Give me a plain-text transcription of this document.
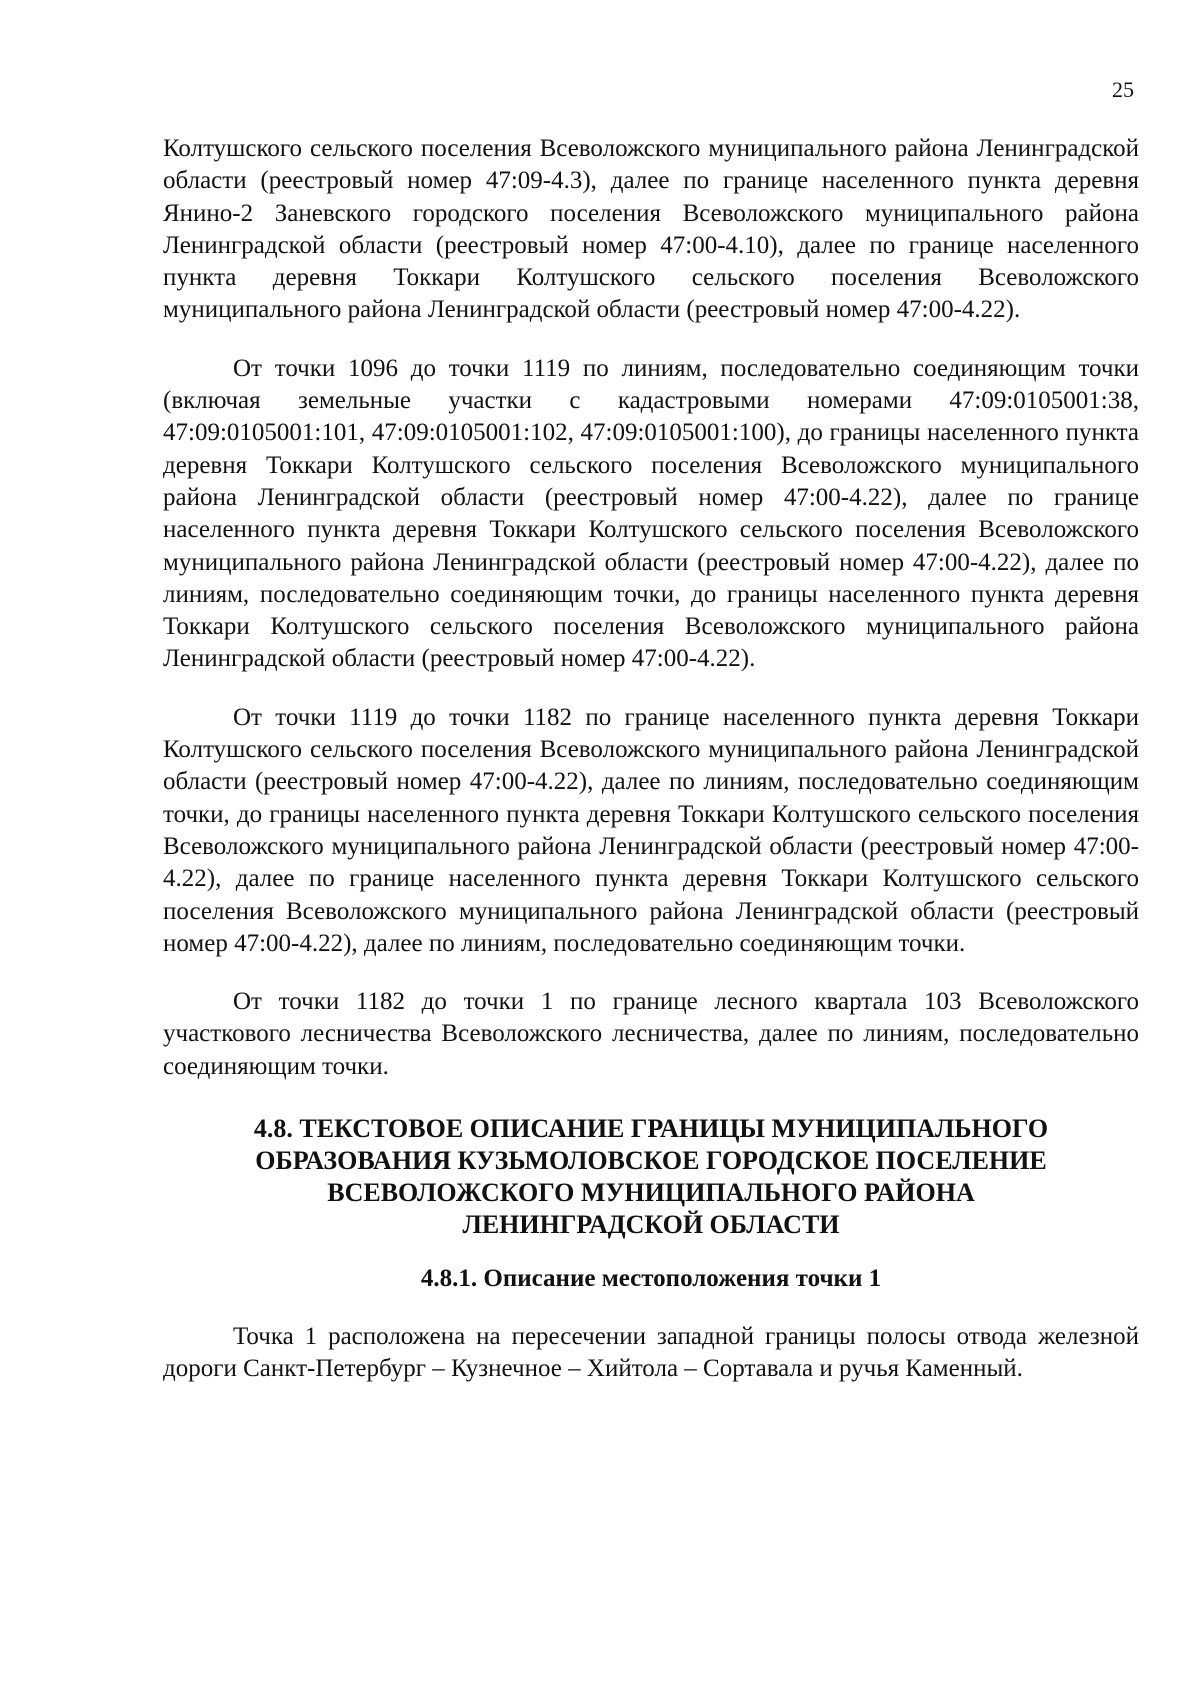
25

Колтушского сельского поселения Всеволожского муниципального района Ленинградской области (реестровый номер 47:09-4.3), далее по границе населенного пункта деревня Янино-2 Заневского городского поселения Всеволожского муниципального района Ленинградской области (реестровый номер 47:00-4.10), далее по границе населенного пункта деревня Токкари Колтушского сельского поселения Всеволожского муниципального района Ленинградской области (реестровый номер 47:00-4.22).

От точки 1096 до точки 1119 по линиям, последовательно соединяющим точки (включая земельные участки с кадастровыми номерами 47:09:0105001:38, 47:09:0105001:101, 47:09:0105001:102, 47:09:0105001:100), до границы населенного пункта деревня Токкари Колтушского сельского поселения Всеволожского муниципального района Ленинградской области (реестровый номер 47:00-4.22), далее по границе населенного пункта деревня Токкари Колтушского сельского поселения Всеволожского муниципального района Ленинградской области (реестровый номер 47:00-4.22), далее по линиям, последовательно соединяющим точки, до границы населенного пункта деревня Токкари Колтушского сельского поселения Всеволожского муниципального района Ленинградской области (реестровый номер 47:00-4.22).

От точки 1119 до точки 1182 по границе населенного пункта деревня Токкари Колтушского сельского поселения Всеволожского муниципального района Ленинградской области (реестровый номер 47:00-4.22), далее по линиям, последовательно соединяющим точки, до границы населенного пункта деревня Токкари Колтушского сельского поселения Всеволожского муниципального района Ленинградской области (реестровый номер 47:00-4.22), далее по границе населенного пункта деревня Токкари Колтушского сельского поселения Всеволожского муниципального района Ленинградской области (реестровый номер 47:00-4.22), далее по линиям, последовательно соединяющим точки.

От точки 1182 до точки 1 по границе лесного квартала 103 Всеволожского участкового лесничества Всеволожского лесничества, далее по линиям, последовательно соединяющим точки.

4.8. ТЕКСТОВОЕ ОПИСАНИЕ ГРАНИЦЫ МУНИЦИПАЛЬНОГО
ОБРАЗОВАНИЯ КУЗЬМОЛОВСКОЕ ГОРОДСКОЕ ПОСЕЛЕНИЕ
ВСЕВОЛОЖСКОГО МУНИЦИПАЛЬНОГО РАЙОНА
ЛЕНИНГРАДСКОЙ ОБЛАСТИ
4.8.1. Описание местоположения точки 1

Точка 1 расположена на пересечении западной границы полосы отвода железной дороги Санкт-Петербург – Кузнечное – Хийтола – Сортавала и ручья Каменный.
